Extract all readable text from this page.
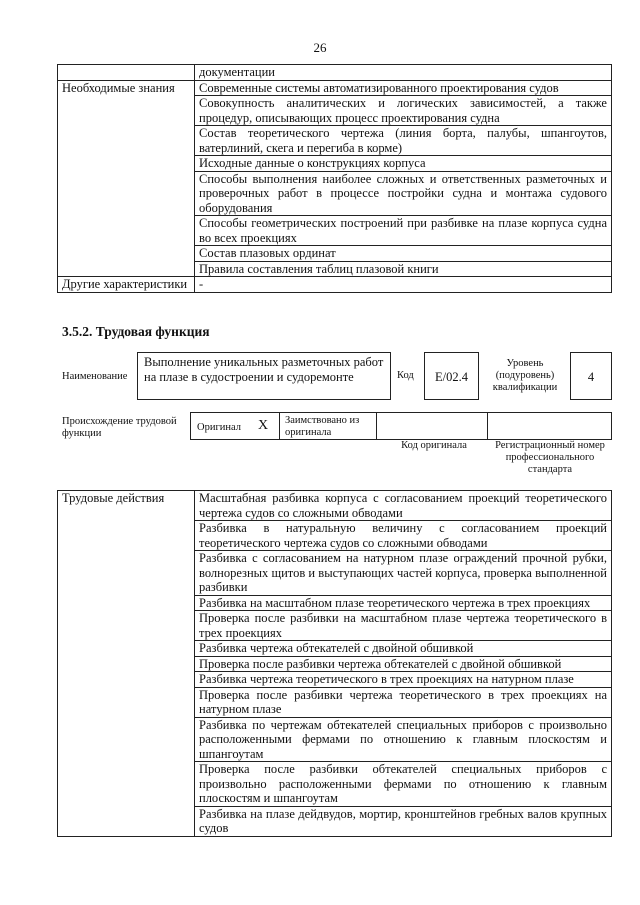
26
	документации
Необходимые знания	Современные системы автоматизированного проектирования судов
	Совокупность аналитических и логических зависимостей, а также процедур, описывающих процесс проектирования судна
	Состав теоретического чертежа (линия борта, палубы, шпангоутов, ватерлиний, скега и перегиба в корме)
	Исходные данные о конструкциях корпуса
	Способы выполнения наиболее сложных и ответственных разметочных и проверочных работ в процессе постройки судна и монтажа судового оборудования
	Способы геометрических построений при разбивке на плазе корпуса судна во всех проекциях
	Состав плазовых ординат
	Правила составления таблиц плазовой книги
Другие характеристики	-
3.5.2. Трудовая функция
Наименование
Выполнение уникальных разметочных работ на плазе в судостроении и судоремонте	Код	E/02.4
Уровень (подуровень) квалификации
4
Происхождение трудовой функции
Оригинал	X	Заимствовано из оригинала
Код оригинала	Регистрационный номер профессионального стандарта
Трудовые действия	Масштабная разбивка корпуса с согласованием проекций теоретического чертежа судов со сложными обводами
Разбивка в натуральную величину с согласованием проекций теоретического чертежа судов со сложными обводами
Разбивка с согласованием на натурном плазе ограждений прочной рубки, волнорезных щитов и выступающих частей корпуса, проверка выполненной разбивки
Разбивка на масштабном плазе теоретического чертежа в трех проекциях
Проверка после разбивки на масштабном плазе чертежа теоретического в трех проекциях
Разбивка чертежа обтекателей с двойной обшивкой
Проверка после разбивки чертежа обтекателей с двойной обшивкой
Разбивка чертежа теоретического в трех проекциях на натурном плазе
Проверка после разбивки чертежа теоретического в трех проекциях на натурном плазе
Разбивка по чертежам обтекателей специальных приборов с произвольно расположенными фермами по отношению к главным плоскостям и шпангоутам
Проверка после разбивки обтекателей специальных приборов с произвольно расположенными фермами по отношению к главным плоскостям и шпангоутам
Разбивка на плазе дейдвудов, мортир, кронштейнов гребных валов крупных судов
